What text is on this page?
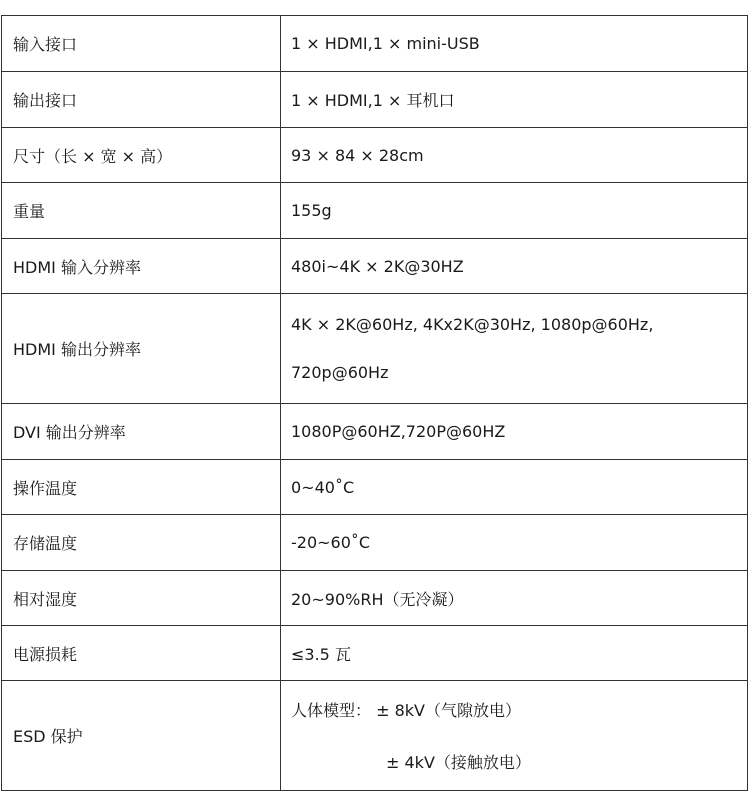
输入接口	1 × HDMI,1 × mini-USB
输出接口	1 × HDMI,1 × 耳机口
尺寸（长 × 宽 × 高）	93 × 84 × 28cm
重量	155g
HDMI 输入分辨率	480i~4K × 2K@30HZ
HDMI 输出分辨率	4K × 2K@60Hz, 4Kx2K@30Hz, 1080p@60Hz,
720p@60Hz

DVI 输出分辨率	1080P@60HZ,720P@60HZ
操作温度	0~40˚C
存储温度	-20~60˚C
相对湿度	20~90%RH（无冷凝）
电源损耗	≤3.5 瓦
ESD 保护	人体模型： ± 8kV（气隙放电）
± 4kV（接触放电）
